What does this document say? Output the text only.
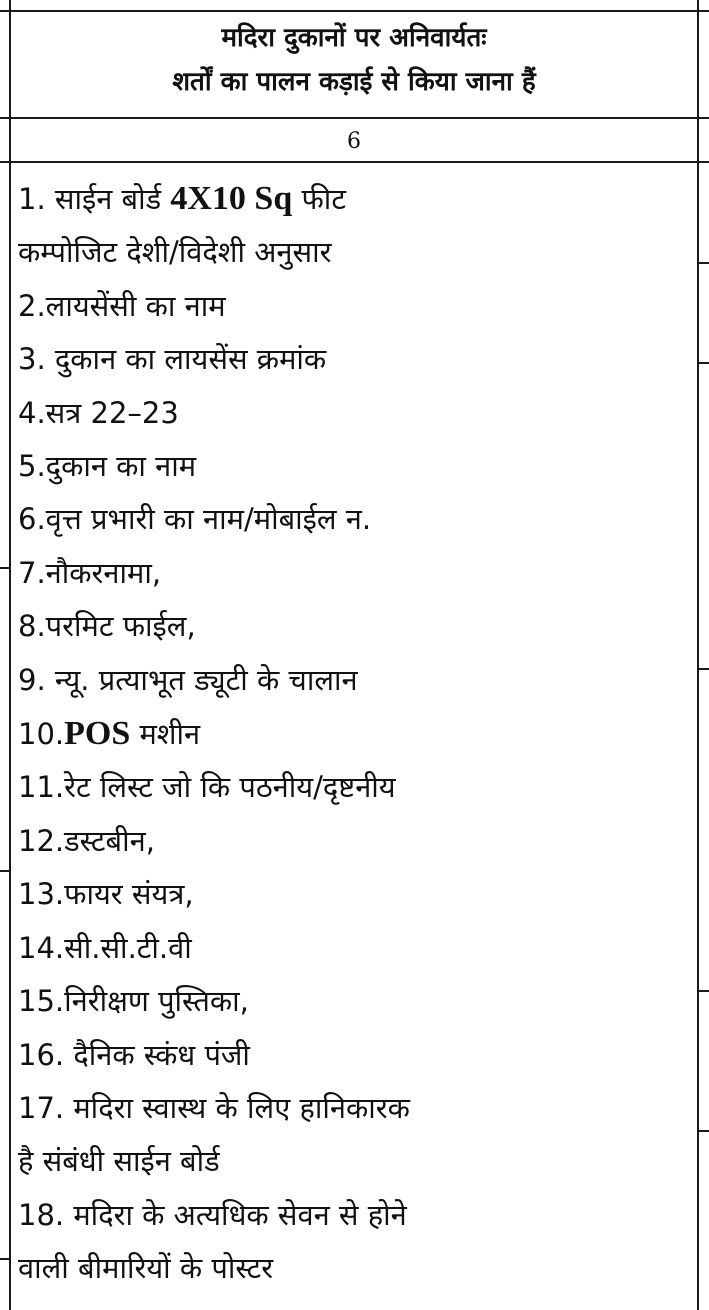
मदिरा दुकानों पर अनिवार्यतः
शर्तों का पालन कड़ाई से किया जाना हैं
6
1. साईन बोर्ड 4X10 Sq फीट
कम्पोजिट देशी/विदेशी अनुसार
2.लायसेंसी का नाम
3. दुकान का लायसेंस क्रमांक
4.सत्र 22–23
5.दुकान का नाम
6.वृत्त प्रभारी का नाम/मोबाईल न.
7.नौकरनामा,
8.परमिट फाईल,
9. न्यू. प्रत्याभूत ड्यूटी के चालान
10.POS मशीन
11.रेट लिस्ट जो कि पठनीय/दृष्टनीय
12.डस्टबीन,
13.फायर संयत्र,
14.सी.सी.टी.वी
15.निरीक्षण पुस्तिका,
16. दैनिक स्कंध पंजी
17. मदिरा स्वास्थ के लिए हानिकारक
है संबंधी साईन बोर्ड
18. मदिरा के अत्यधिक सेवन से होने
वाली बीमारियों के पोस्टर
